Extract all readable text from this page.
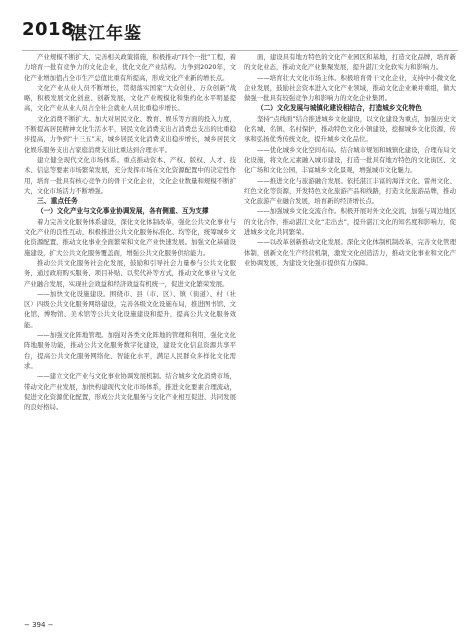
2018
湛江年鉴

产业规模不断扩大，完善相关政策措施，积极推动“四个一批”工程，着力培育一批有竞争力的文化企业，优化文化产业结构。力争到2020年，文化产业增加值占全市生产总值比重有所提高，形成文化产业新的增长点。

文化产业从业人员不断增长，贯彻落实国家“大众创业、万众创新”战略，积极发展文化创意、创新发展，文化产业规模化和集约化水平明显提高，文化产业从业人员占全社会就业人员比重稳步增长。

文化消费不断扩大。加大对居民文化、教育、娱乐等方面的投入力度，不断提高居民精神文化生活水平，居民文化消费支出占消费总支出的比重稳步提高，力争到“十三五”末，城乡居民文化消费支出稳步增长，城乡居民文化娱乐服务支出占家庭消费支出比重达到合理水平。

建立健全现代文化市场体系。重点推动资本、产权、版权、人才、技术、信息等要素市场繁荣发展，充分发挥市场在文化资源配置中的决定性作用，培育一批具有核心竞争力的骨干文化企业，文化企业数量和规模不断扩大，文化市场活力不断增强。

三、重点任务
（一）文化产业与文化事业协调发展，各有侧重、互为支撑

着力完善文化服务体系建设，深化文化体制改革，强化公共文化事业与文化产业的良性互动，积极推进公共文化服务标准化、均等化，统筹城乡文化资源配置，推动文化事业全面繁荣和文化产业快速发展。加强文化基础设施建设，扩大公共文化服务覆盖面，增强公共文化服务供给能力。

推动公共文化服务社会化发展，鼓励和引导社会力量参与公共文化服务，通过政府购买服务、项目补贴、以奖代补等方式，推动文化事业与文化产业融合发展，实现社会效益和经济效益有机统一，促进文化繁荣发展。

——加快文化设施建设。围绕市、县（市、区）、镇（街道）、村（社区）四级公共文化服务网络建设，完善各级文化设施布局，推进图书馆、文化馆、博物馆、美术馆等公共文化设施建设和提升，提高公共文化服务效能。

——加强文化阵地管理。加强对各类文化阵地的管理和利用，强化文化阵地服务功能，推动公共文化服务数字化建设，建设文化信息资源共享平台，提高公共文化服务网络化、智能化水平，满足人民群众多样化文化需求。

——建立文化产业与文化事业协调发展机制。结合城乡文化消费市场，带动文化产业发展，加快构建现代文化市场体系，推进文化要素合理流动，促进文化资源优化配置，形成公共文化服务与文化产业相互促进、共同发展的良好格局。

面，建设具有地方特色的文化产业园区和基地，打造文化品牌，培育新的文化业态，推动文化产业集聚发展，提升湛江文化软实力和影响力。

——培育壮大文化市场主体。积极培育骨干文化企业，支持中小微文化企业发展，鼓励社会资本进入文化产业领域，推动文化企业兼并重组，做大做强一批具有较强竞争力和影响力的文化企业集团。

（二）文化发展与城镇化建设相结合，打造城乡文化特色

坚持“点线面”结合推进城乡文化建设，以文化建设为重点，加强历史文化名城、名镇、名村保护，推动特色文化小镇建设，挖掘城乡文化资源，传承和弘扬优秀传统文化，提升城乡文化品位。

——优化城乡文化空间布局。结合城市规划和城镇化建设，合理布局文化设施，将文化元素融入城市建设，打造一批具有地方特色的文化街区、文化广场和文化公园，丰富城乡文化景观，增强城市文化魅力。

——推进文化与旅游融合发展。依托湛江丰富的海洋文化、雷州文化、红色文化等资源，开发特色文化旅游产品和线路，打造文化旅游品牌，推动文化旅游产业融合发展，培育新的经济增长点。

——加强城乡文化交流合作。积极开展对外文化交流，加强与周边地区的文化合作，推动湛江文化“走出去”，提升湛江文化的知名度和影响力，促进城乡文化共同繁荣。

——以改革创新推动文化发展。深化文化体制机制改革，完善文化管理体制，创新文化生产经营机制，激发文化创造活力，推动文化事业和文化产业协调发展，为建设文化强市提供有力保障。

− 394 −
